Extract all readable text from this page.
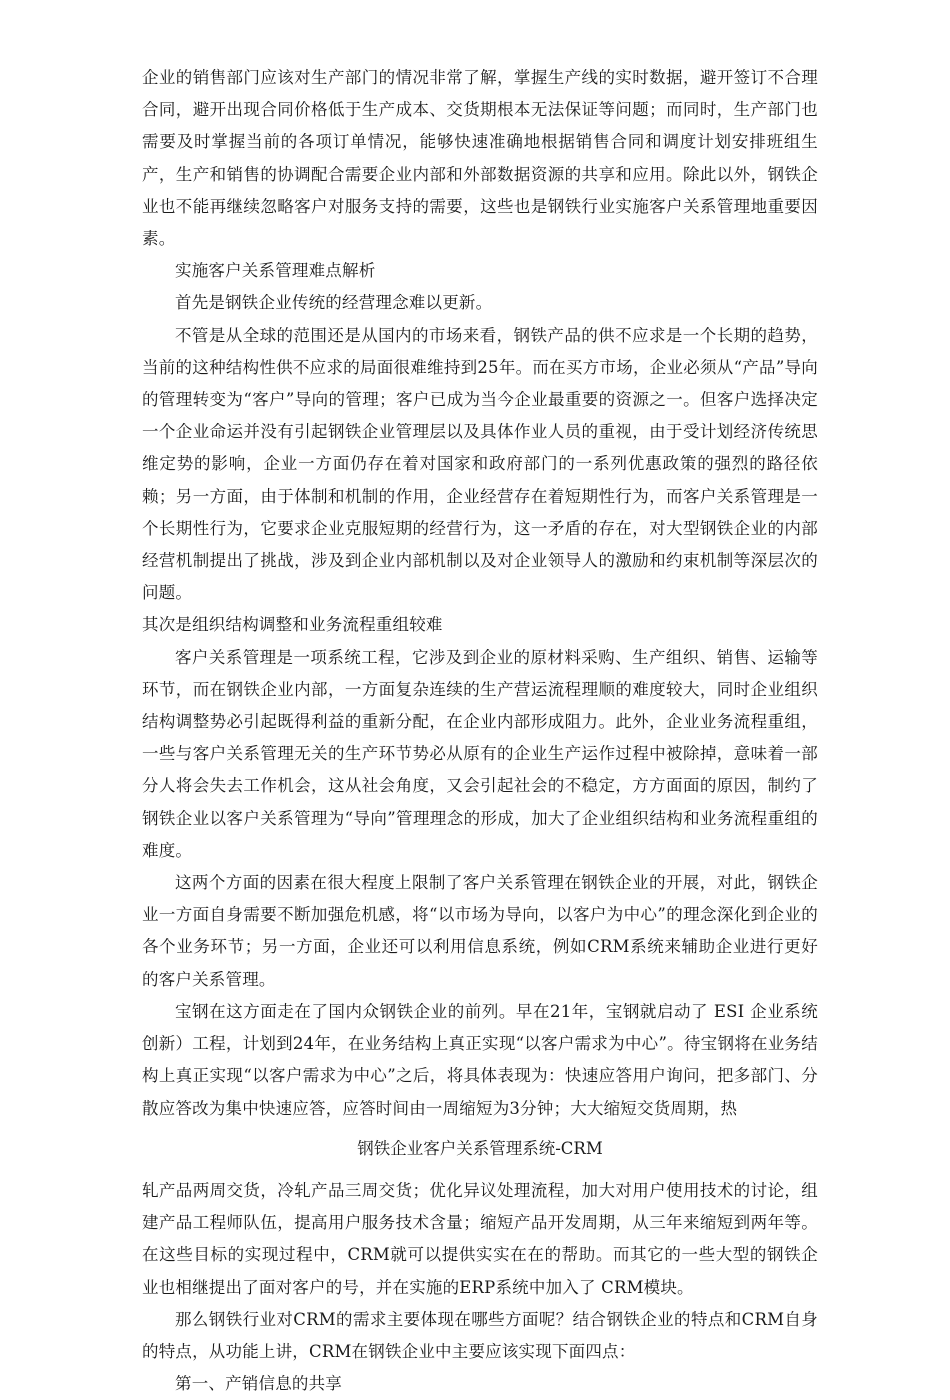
企业的销售部门应该对生产部门的情况非常了解，掌握生产线的实时数据，避开签订不合理合同，避开出现合同价格低于生产成本、交货期根本无法保证等问题；而同时，生产部门也需要及时掌握当前的各项订单情况，能够快速准确地根据销售合同和调度计划安排班组生产，生产和销售的协调配合需要企业内部和外部数据资源的共享和应用。除此以外，钢铁企业也不能再继续忽略客户对服务支持的需要，这些也是钢铁行业实施客户关系管理地重要因素。

实施客户关系管理难点解析

首先是钢铁企业传统的经营理念难以更新。

不管是从全球的范围还是从国内的市场来看，钢铁产品的供不应求是一个长期的趋势，当前的这种结构性供不应求的局面很难维持到25年。而在买方市场，企业必须从“产品”导向的管理转变为“客户”导向的管理；客户已成为当今企业最重要的资源之一。但客户选择决定一个企业命运并没有引起钢铁企业管理层以及具体作业人员的重视，由于受计划经济传统思维定势的影响，企业一方面仍存在着对国家和政府部门的一系列优惠政策的强烈的路径依赖；另一方面，由于体制和机制的作用，企业经营存在着短期性行为，而客户关系管理是一个长期性行为，它要求企业克服短期的经营行为，这一矛盾的存在，对大型钢铁企业的内部经营机制提出了挑战，涉及到企业内部机制以及对企业领导人的激励和约束机制等深层次的问题。

其次是组织结构调整和业务流程重组较难

客户关系管理是一项系统工程，它涉及到企业的原材料采购、生产组织、销售、运输等环节，而在钢铁企业内部，一方面复杂连续的生产营运流程理顺的难度较大，同时企业组织结构调整势必引起既得利益的重新分配，在企业内部形成阻力。此外，企业业务流程重组，一些与客户关系管理无关的生产环节势必从原有的企业生产运作过程中被除掉，意味着一部分人将会失去工作机会，这从社会角度，又会引起社会的不稳定，方方面面的原因，制约了钢铁企业以客户关系管理为“导向”管理理念的形成，加大了企业组织结构和业务流程重组的难度。

这两个方面的因素在很大程度上限制了客户关系管理在钢铁企业的开展，对此，钢铁企业一方面自身需要不断加强危机感，将“以市场为导向，以客户为中心”的理念深化到企业的各个业务环节；另一方面，企业还可以利用信息系统，例如CRM系统来辅助企业进行更好的客户关系管理。

宝钢在这方面走在了国内众钢铁企业的前列。早在21年，宝钢就启动了 ESI 企业系统创新）工程，计划到24年，在业务结构上真正实现“以客户需求为中心”。待宝钢将在业务结构上真正实现“以客户需求为中心”之后，将具体表现为：快速应答用户询问，把多部门、分散应答改为集中快速应答，应答时间由一周缩短为3分钟；大大缩短交货周期，热

钢铁企业客户关系管理系统-CRM

轧产品两周交货，冷轧产品三周交货；优化异议处理流程，加大对用户使用技术的讨论，组建产品工程师队伍，提高用户服务技术含量；缩短产品开发周期，从三年来缩短到两年等。在这些目标的实现过程中，CRM就可以提供实实在在的帮助。而其它的一些大型的钢铁企业也相继提出了面对客户的号，并在实施的ERP系统中加入了 CRM模块。

那么钢铁行业对CRM的需求主要体现在哪些方面呢？结合钢铁企业的特点和CRM自身的特点，从功能上讲，CRM在钢铁企业中主要应该实现下面四点：

第一、产销信息的共享
